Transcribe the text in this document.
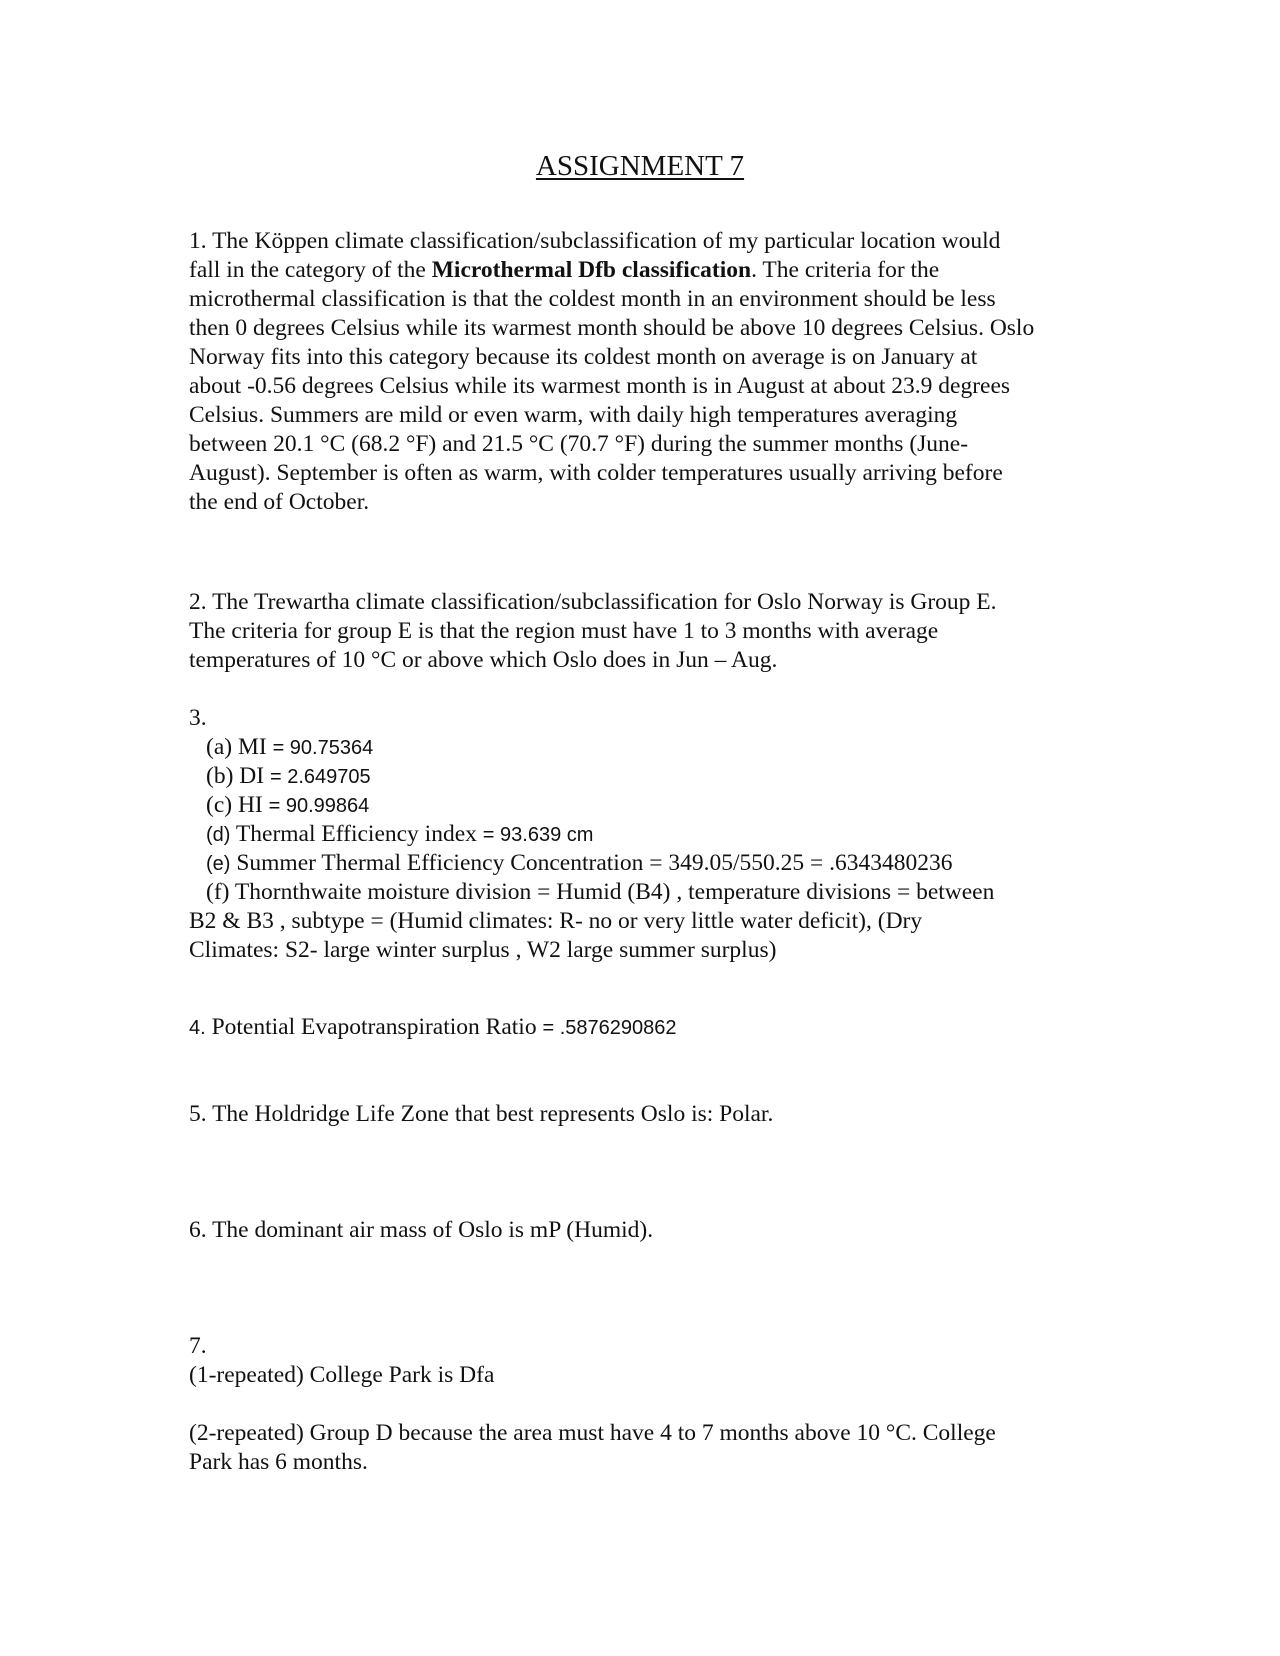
ASSIGNMENT 7
1. The Köppen climate classification/subclassification of my particular location would
fall in the category of the Microthermal Dfb classification. The criteria for the
microthermal classification is that the coldest month in an environment should be less
then 0 degrees Celsius while its warmest month should be above 10 degrees Celsius. Oslo
Norway fits into this category because its coldest month on average is on January at
about -0.56 degrees Celsius while its warmest month is in August at about 23.9 degrees
Celsius. Summers are mild or even warm, with daily high temperatures averaging
between 20.1 °C (68.2 °F) and 21.5 °C (70.7 °F) during the summer months (June-
August). September is often as warm, with colder temperatures usually arriving before
the end of October.
2. The Trewartha climate classification/subclassification for Oslo Norway is Group E.
The criteria for group E is that the region must have 1 to 3 months with average
temperatures of 10 °C or above which Oslo does in Jun – Aug.
3.
(a) MI = 90.75364
(b) DI = 2.649705
(c) HI = 90.99864
(d) Thermal Efficiency index = 93.639 cm
(e) Summer Thermal Efficiency Concentration = 349.05/550.25 = .6343480236
(f) Thornthwaite moisture division = Humid (B4) , temperature divisions = between
B2 & B3 , subtype = (Humid climates: R- no or very little water deficit), (Dry
Climates: S2- large winter surplus , W2 large summer surplus)
4. Potential Evapotranspiration Ratio = .5876290862
5. The Holdridge Life Zone that best represents Oslo is: Polar.
6. The dominant air mass of Oslo is mP (Humid).
7.
(1-repeated) College Park is Dfa
(2-repeated) Group D because the area must have 4 to 7 months above 10 °C. College
Park has 6 months.
